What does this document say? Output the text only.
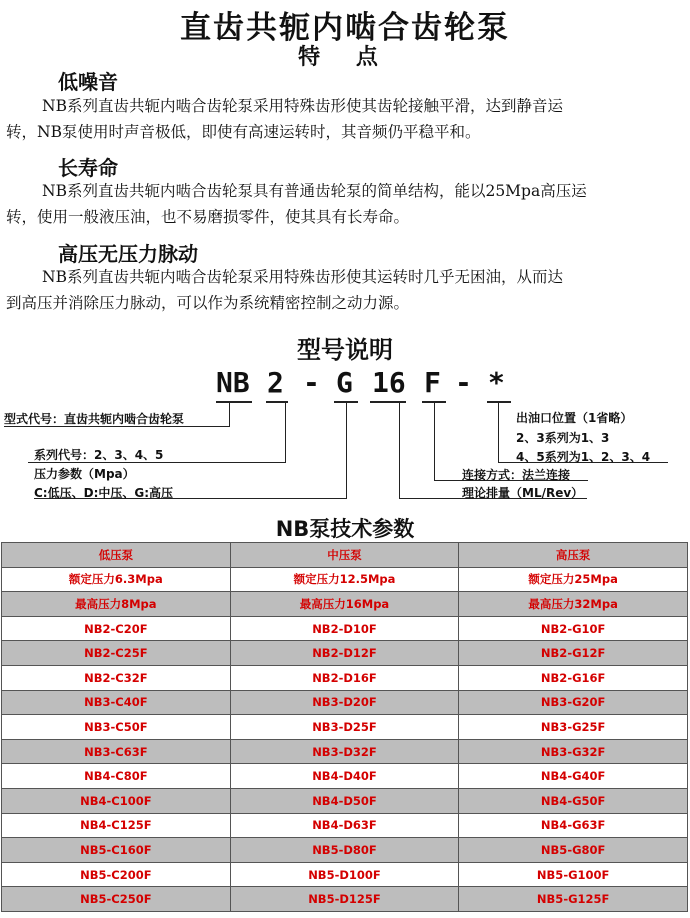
直齿共轭内啮合齿轮泵
特 点
低噪音
NB系列直齿共轭内啮合齿轮泵采用特殊齿形使其齿轮接触平滑，达到静音运
转，NB泵使用时声音极低，即使有高速运转时，其音频仍平稳平和。
长寿命
NB系列直齿共轭内啮合齿轮泵具有普通齿轮泵的简单结构，能以25Mpa高压运
转，使用一般液压油，也不易磨损零件，使其具有长寿命。
高压无压力脉动
NB系列直齿共轭内啮合齿轮泵采用特殊齿形使其运转时几乎无困油，从而达
到高压并消除压力脉动，可以作为系统精密控制之动力源。
型号说明
NB 2 - G 16 F - *
型式代号：直齿共轭内啮合齿轮泵
系列代号：2、3、4、5
压力参数（Mpa）
C:低压、D:中压、G:高压
出油口位置（1省略）
2、3系列为1、3
4、5系列为1、2、3、4
连接方式：法兰连接
理论排量（ML/Rev）
NB泵技术参数
低压泵	中压泵	高压泵
额定压力6.3Mpa	额定压力12.5Mpa	额定压力25Mpa
最高压力8Mpa	最高压力16Mpa	最高压力32Mpa
NB2-C20F	NB2-D10F	NB2-G10F
NB2-C25F	NB2-D12F	NB2-G12F
NB2-C32F	NB2-D16F	NB2-G16F
NB3-C40F	NB3-D20F	NB3-G20F
NB3-C50F	NB3-D25F	NB3-G25F
NB3-C63F	NB3-D32F	NB3-G32F
NB4-C80F	NB4-D40F	NB4-G40F
NB4-C100F	NB4-D50F	NB4-G50F
NB4-C125F	NB4-D63F	NB4-G63F
NB5-C160F	NB5-D80F	NB5-G80F
NB5-C200F	NB5-D100F	NB5-G100F
NB5-C250F	NB5-D125F	NB5-G125F
